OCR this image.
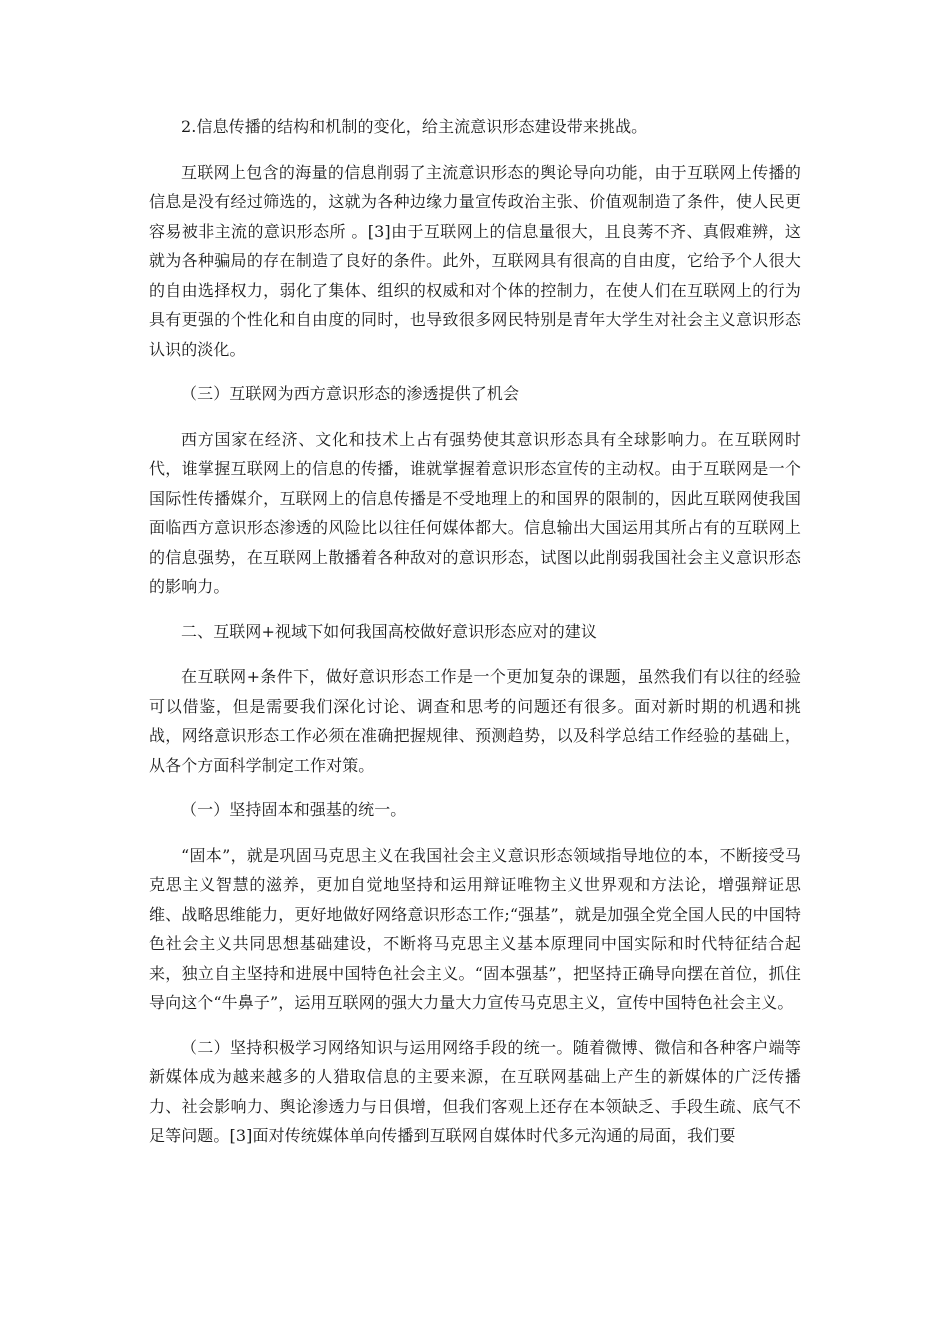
2.信息传播的结构和机制的变化，给主流意识形态建设带来挑战。

互联网上包含的海量的信息削弱了主流意识形态的舆论导向功能，由于互联网上传播的信息是没有经过筛选的，这就为各种边缘力量宣传政治主张、价值观制造了条件，使人民更容易被非主流的意识形态所 。[3]由于互联网上的信息量很大，且良莠不齐、真假难辨，这就为各种骗局的存在制造了良好的条件。此外，互联网具有很高的自由度，它给予个人很大的自由选择权力，弱化了集体、组织的权威和对个体的控制力，在使人们在互联网上的行为具有更强的个性化和自由度的同时，也导致很多网民特别是青年大学生对社会主义意识形态认识的淡化。

（三）互联网为西方意识形态的渗透提供了机会

西方国家在经济、文化和技术上占有强势使其意识形态具有全球影响力。在互联网时代，谁掌握互联网上的信息的传播，谁就掌握着意识形态宣传的主动权。由于互联网是一个国际性传播媒介，互联网上的信息传播是不受地理上的和国界的限制的，因此互联网使我国面临西方意识形态渗透的风险比以往任何媒体都大。信息输出大国运用其所占有的互联网上的信息强势，在互联网上散播着各种敌对的意识形态，试图以此削弱我国社会主义意识形态的影响力。

二、互联网+视域下如何我国高校做好意识形态应对的建议

在互联网+条件下，做好意识形态工作是一个更加复杂的课题，虽然我们有以往的经验可以借鉴，但是需要我们深化讨论、调查和思考的问题还有很多。面对新时期的机遇和挑战，网络意识形态工作必须在准确把握规律、预测趋势，以及科学总结工作经验的基础上，从各个方面科学制定工作对策。

（一）坚持固本和强基的统一。

“固本”，就是巩固马克思主义在我国社会主义意识形态领域指导地位的本，不断接受马克思主义智慧的滋养，更加自觉地坚持和运用辩证唯物主义世界观和方法论，增强辩证思维、战略思维能力，更好地做好网络意识形态工作;“强基”，就是加强全党全国人民的中国特色社会主义共同思想基础建设，不断将马克思主义基本原理同中国实际和时代特征结合起来，独立自主坚持和进展中国特色社会主义。“固本强基”，把坚持正确导向摆在首位，抓住导向这个“牛鼻子”，运用互联网的强大力量大力宣传马克思主义，宣传中国特色社会主义。

（二）坚持积极学习网络知识与运用网络手段的统一。随着微博、微信和各种客户端等新媒体成为越来越多的人猎取信息的主要来源，在互联网基础上产生的新媒体的广泛传播力、社会影响力、舆论渗透力与日俱增，但我们客观上还存在本领缺乏、手段生疏、底气不足等问题。[3]面对传统媒体单向传播到互联网自媒体时代多元沟通的局面，我们要
